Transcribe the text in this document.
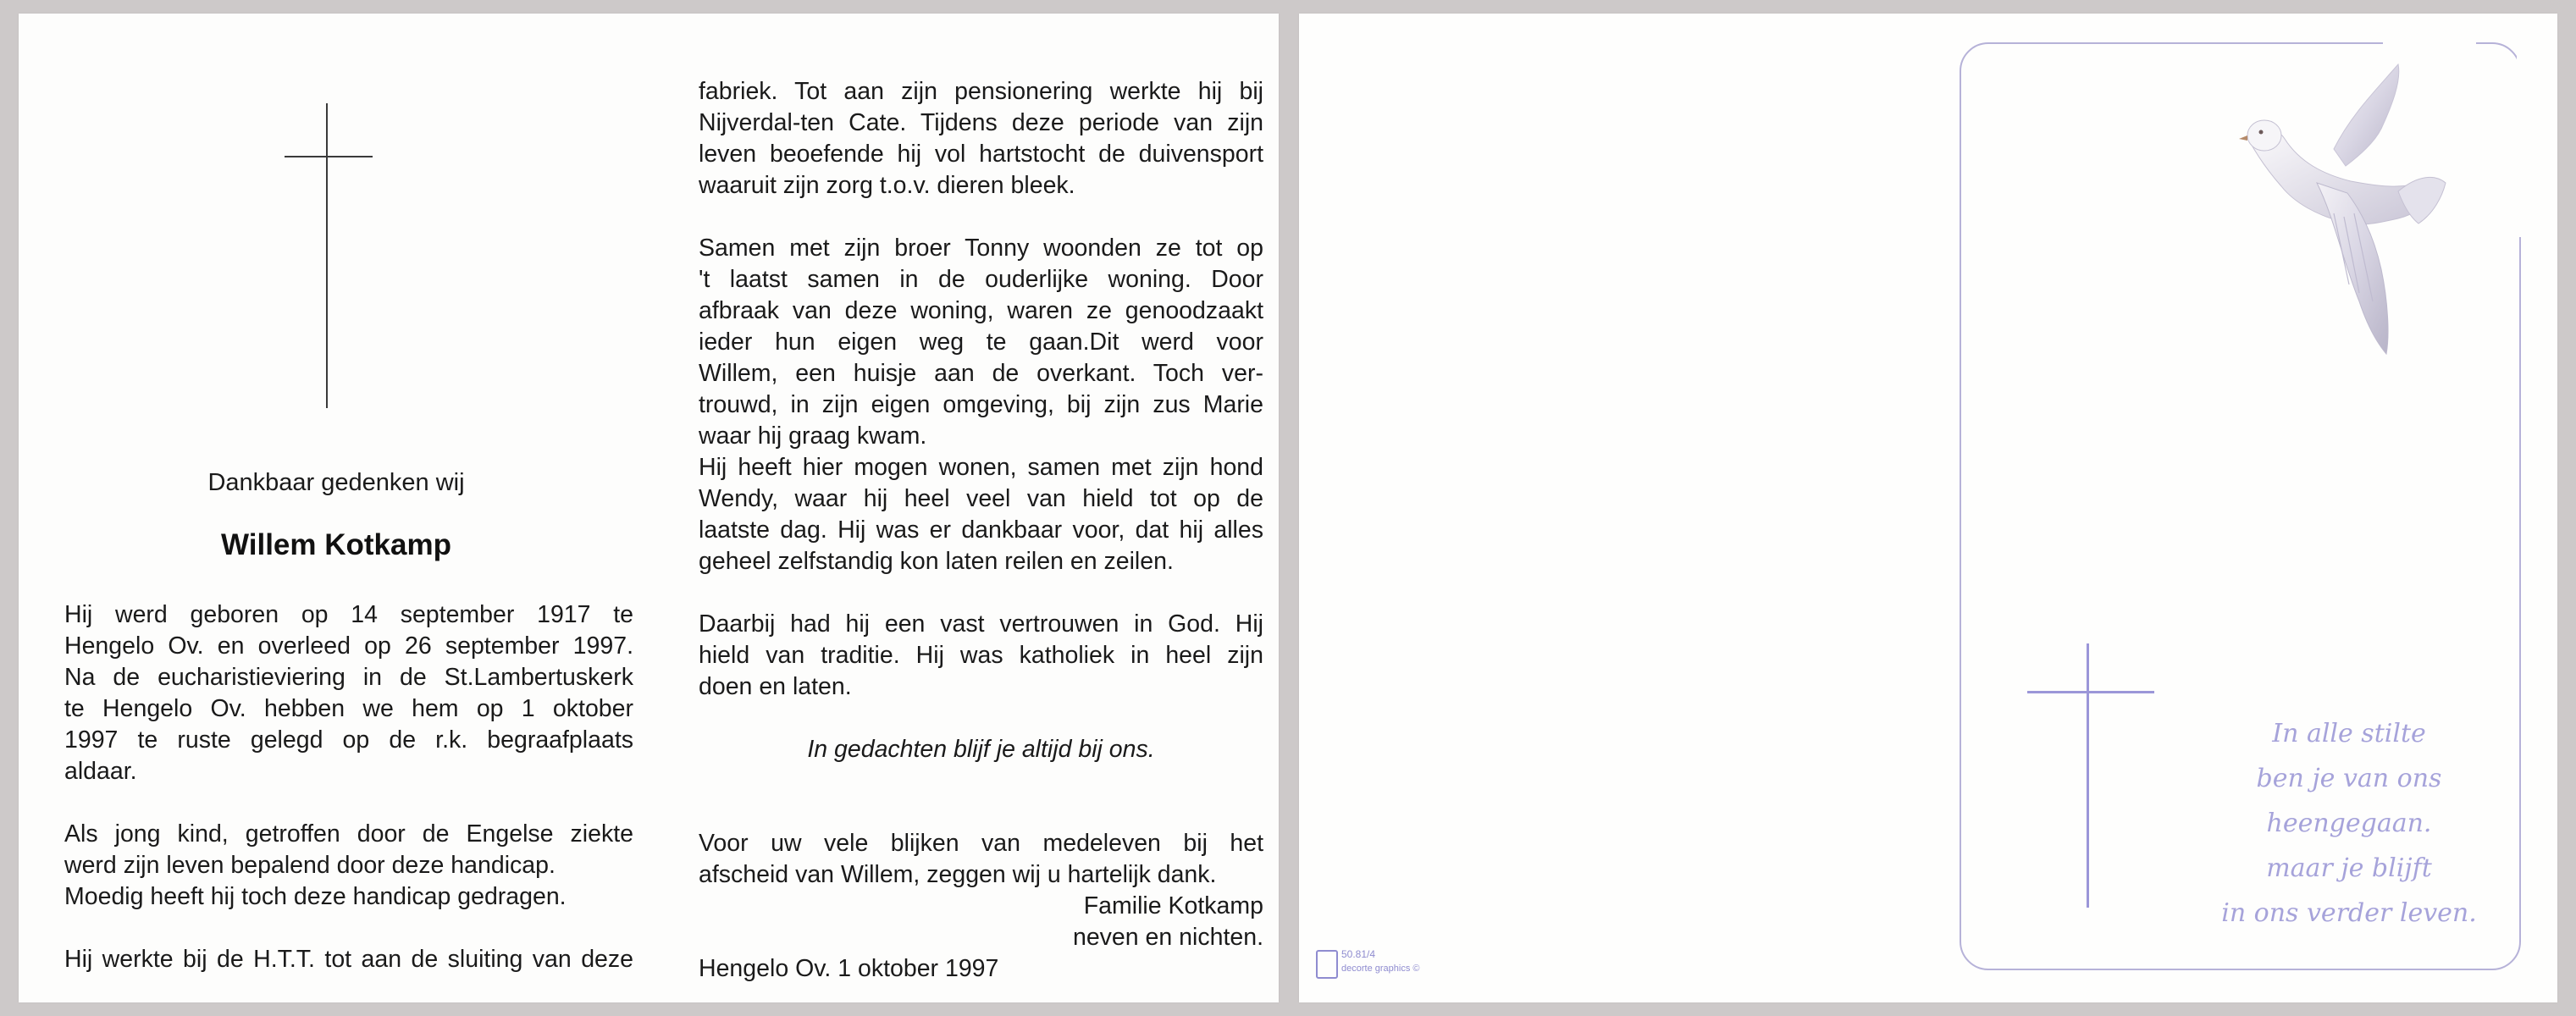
Dankbaar gedenken wij
Willem Kotkamp

Hij werd geboren op 14 september 1917 te

Hengelo Ov. en overleed op 26 september 1997.

Na de eucharistieviering in de St.Lambertuskerk

te Hengelo Ov. hebben we hem op 1 oktober

1997 te ruste gelegd op de r.k. begraafplaats

aldaar.

Als jong kind, getroffen door de Engelse ziekte

werd zijn leven bepalend door deze handicap.

Moedig heeft hij toch deze handicap gedragen.

Hij werkte bij de H.T.T. tot aan de sluiting van deze

fabriek. Tot aan zijn pensionering werkte hij bij

Nijverdal-ten Cate. Tijdens deze periode van zijn

leven beoefende hij vol hartstocht de duivensport

waaruit zijn zorg t.o.v. dieren bleek.

Samen met zijn broer Tonny woonden ze tot op

't laatst samen in de ouderlijke woning. Door

afbraak van deze woning, waren ze genoodzaakt

ieder hun eigen weg te gaan.Dit werd voor

Willem, een huisje aan de overkant. Toch ver-

trouwd, in zijn eigen omgeving, bij zijn zus Marie

waar hij graag kwam.

Hij heeft hier mogen wonen, samen met zijn hond

Wendy, waar hij heel veel van hield tot op de

laatste dag. Hij was er dankbaar voor, dat hij alles

geheel zelfstandig kon laten reilen en zeilen.

Daarbij had hij een vast vertrouwen in God. Hij

hield van traditie. Hij was katholiek in heel zijn

doen en laten.

In gedachten blijf je altijd bij ons.

Voor uw vele blijken van medeleven bij het

afscheid van Willem, zeggen wij u hartelijk dank.

Familie Kotkamp

neven en nichten.

Hengelo Ov. 1 oktober 1997

In alle stilte

ben je van ons heengegaan.

maar je blijft

in ons verder leven.

50.81/4
decorte graphics ©
